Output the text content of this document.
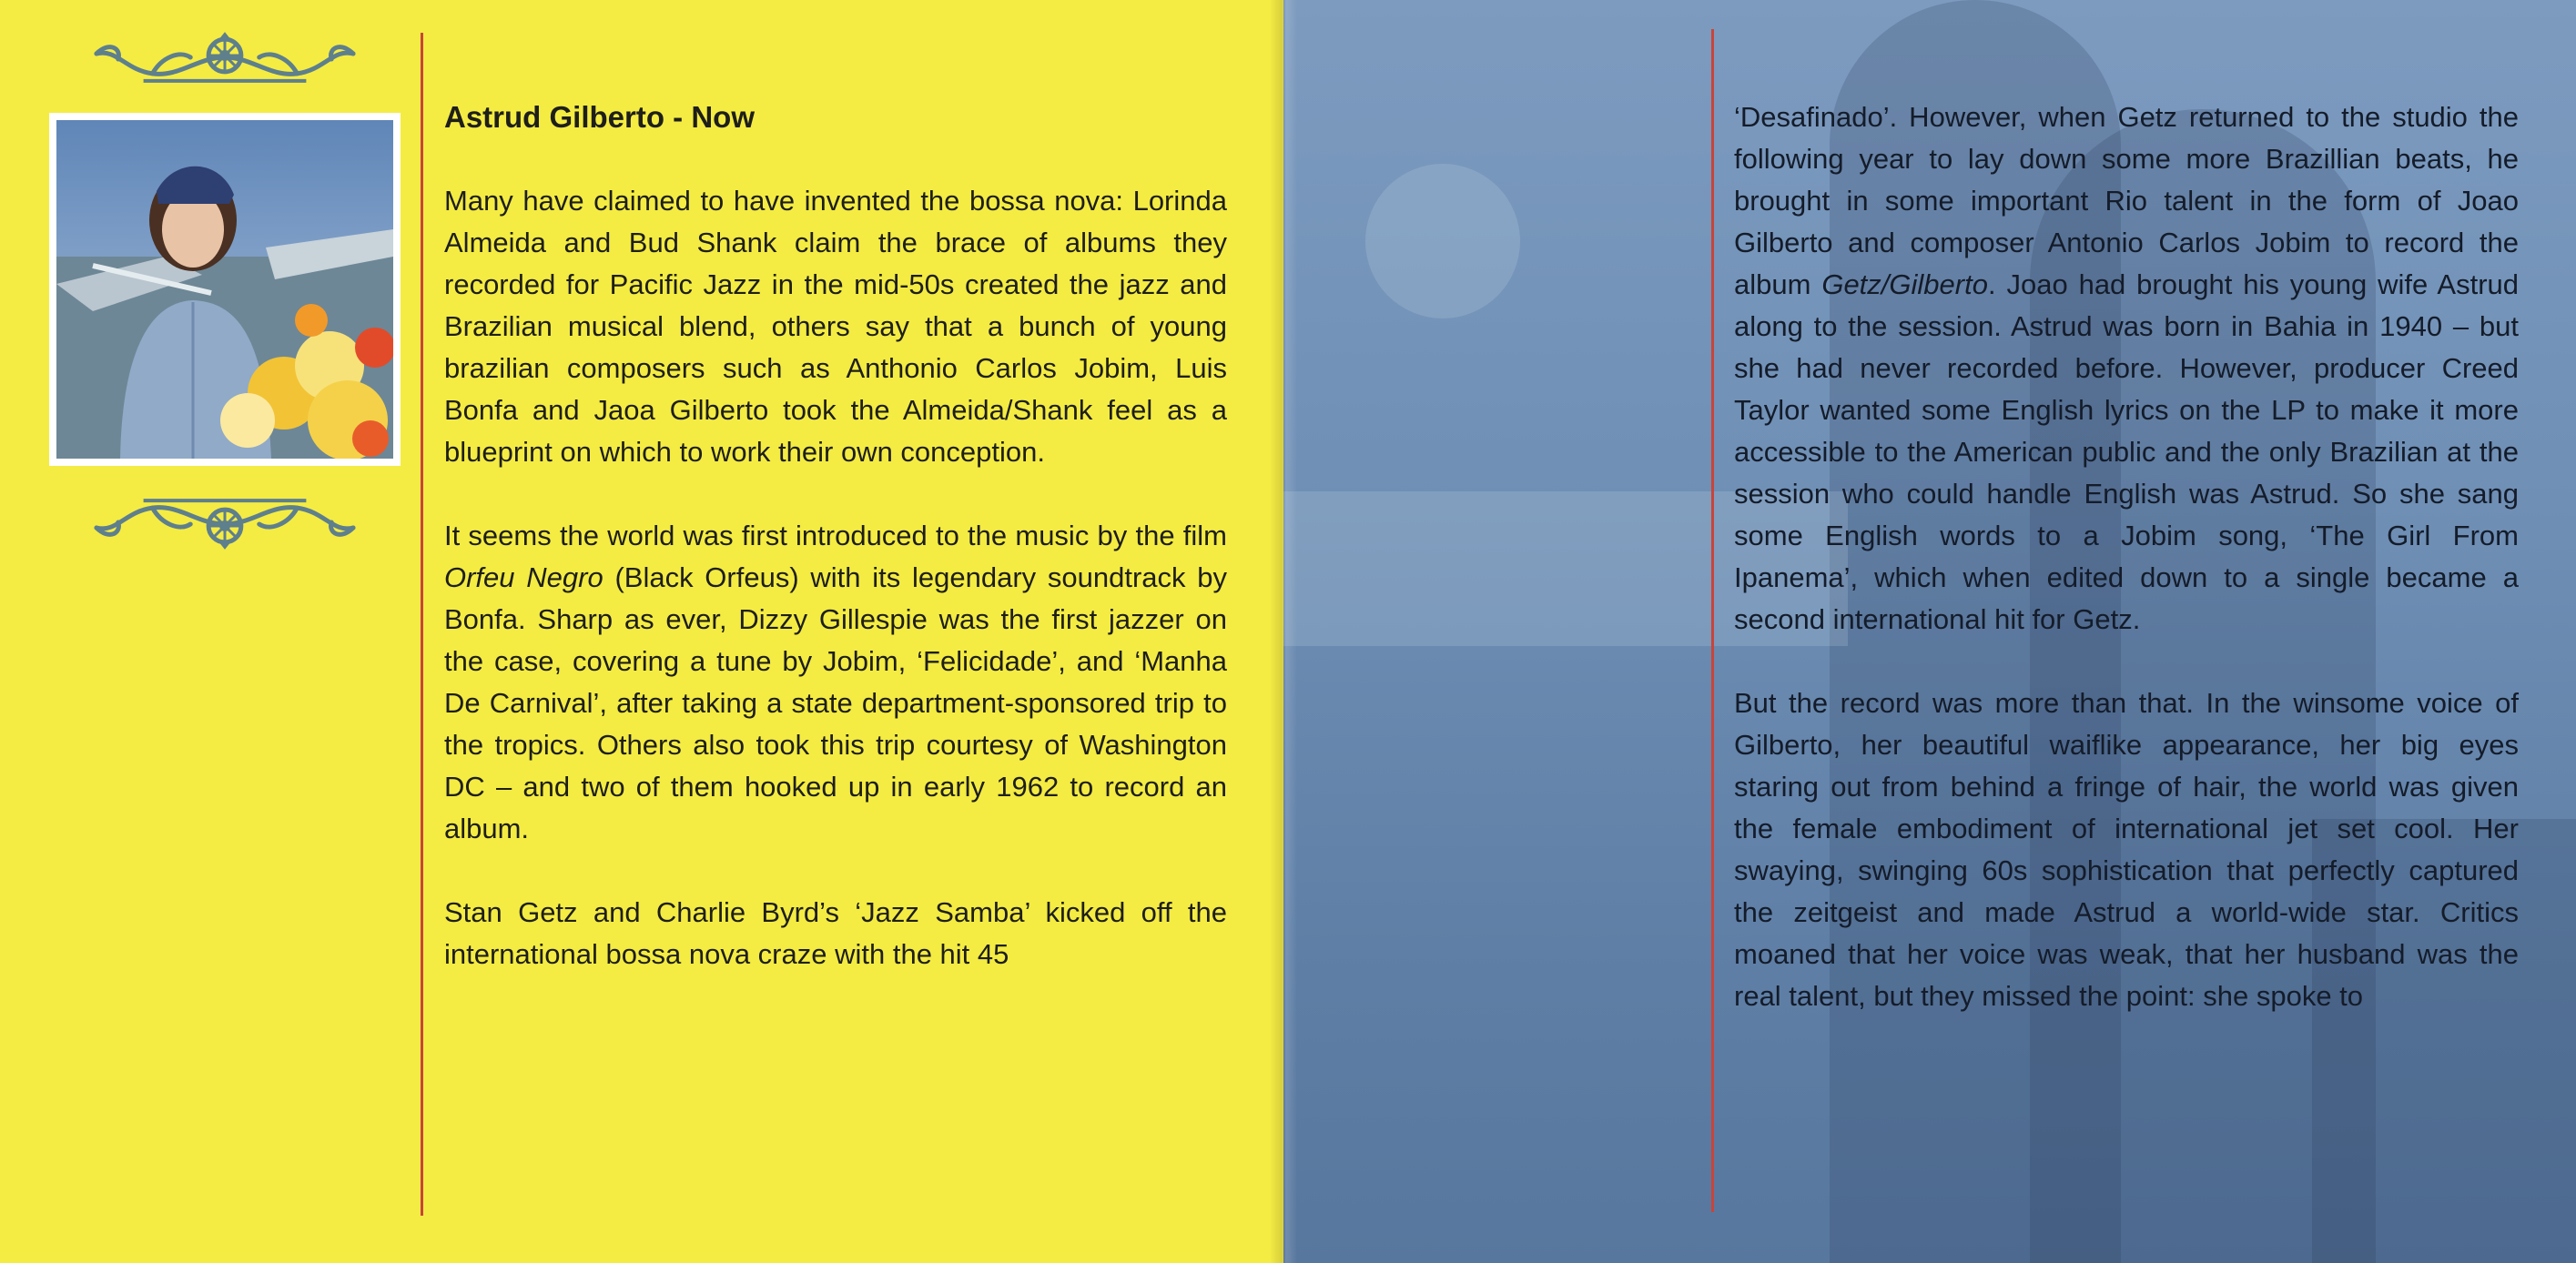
Astrud Gilberto - Now

Many have claimed to have invented the bossa nova: Lorinda Almeida and Bud Shank claim the brace of albums they recorded for Pacific Jazz in the mid-50s created the jazz and Brazilian musical blend, others say that a bunch of young brazilian composers such as Anthonio Carlos Jobim, Luis Bonfa and Jaoa Gilberto took the Almeida/Shank feel as a blueprint on which to work their own conception.

It seems the world was first introduced to the music by the film Orfeu Negro (Black Orfeus) with its legendary soundtrack by Bonfa. Sharp as ever, Dizzy Gillespie was the first jazzer on the case, covering a tune by Jobim, ‘Felicidade’, and ‘Manha De Carnival’, after taking a state department-sponsored trip to the tropics. Others also took this trip courtesy of Washington DC – and two of them hooked up in early 1962 to record an album.

Stan Getz and Charlie Byrd’s ‘Jazz Samba’ kicked off the international bossa nova craze with the hit 45

‘Desafinado’. However, when Getz returned to the studio the following year to lay down some more Brazillian beats, he brought in some important Rio talent in the form of Joao Gilberto and composer Antonio Carlos Jobim to record the album Getz/Gilberto. Joao had brought his young wife Astrud along to the session. Astrud was born in Bahia in 1940 – but she had never recorded before. However, producer Creed Taylor wanted some English lyrics on the LP to make it more accessible to the American public and the only Brazilian at the session who could handle English was Astrud. So she sang some English words to a Jobim song, ‘The Girl From Ipanema’, which when edited down to a single became a second international hit for Getz.

But the record was more than that. In the winsome voice of Gilberto, her beautiful waiflike appearance, her big eyes staring out from behind a fringe of hair, the world was given the female embodiment of international jet set cool. Her swaying, swinging 60s sophistication that perfectly captured the zeitgeist and made Astrud a world-wide star. Critics moaned that her voice was weak, that her husband was the real talent, but they missed the point: she spoke to
